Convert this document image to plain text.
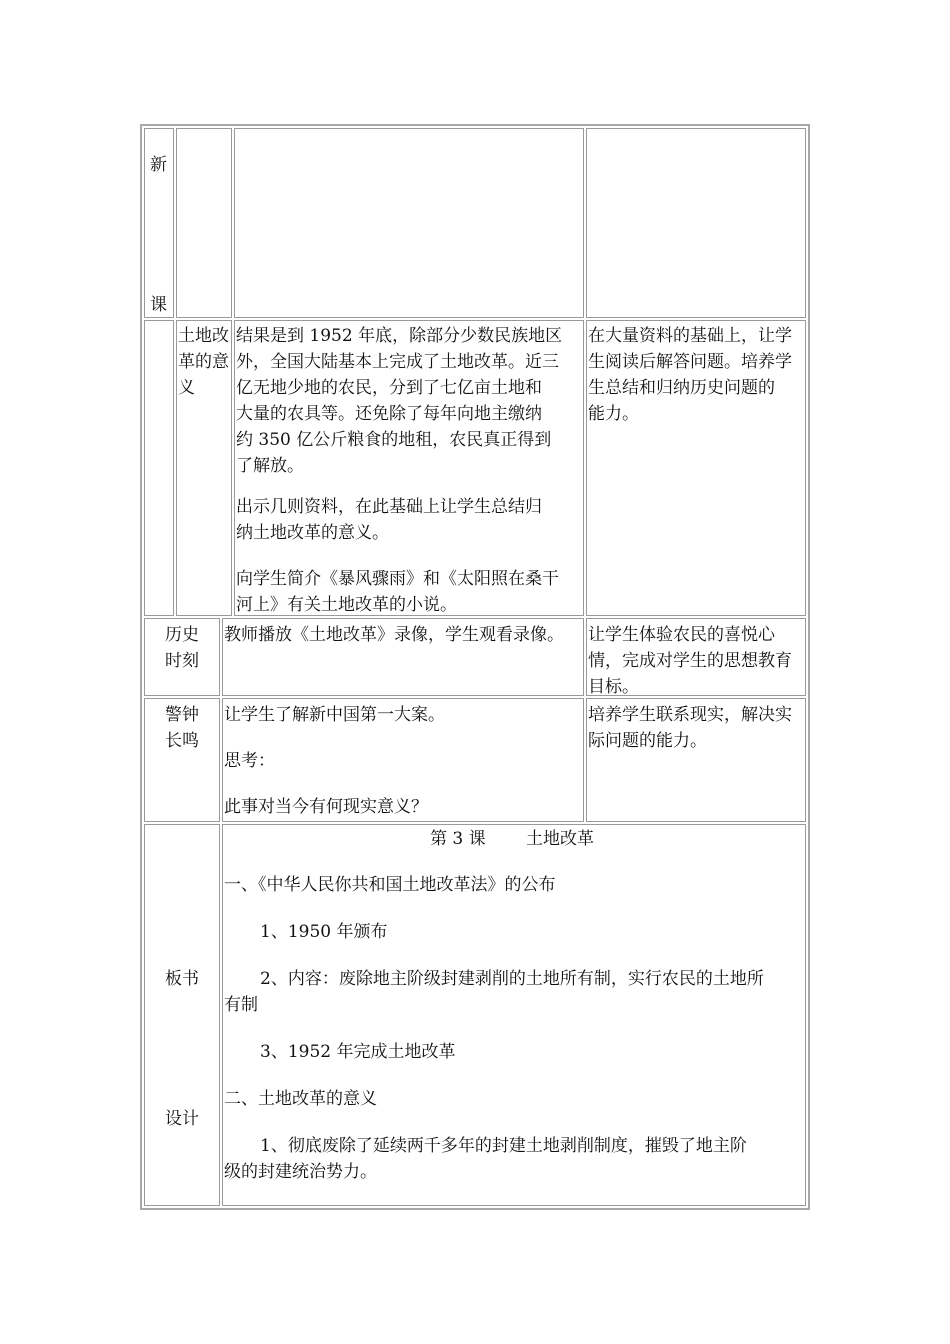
新
课
土地改
革的意
义
结果是到 1952 年底，除部分少数民族地区
外，全国大陆基本上完成了土地改革。近三
亿无地少地的农民，分到了七亿亩土地和
大量的农具等。还免除了每年向地主缴纳
约 350 亿公斤粮食的地租，农民真正得到
了解放。
出示几则资料，在此基础上让学生总结归
纳土地改革的意义。
向学生简介《暴风骤雨》和《太阳照在桑干
河上》有关土地改革的小说。
在大量资料的基础上，让学
生阅读后解答问题。培养学
生总结和归纳历史问题的
能力。
历史
时刻
教师播放《土地改革》录像，学生观看录像。 让学生体验农民的喜悦心
情，完成对学生的思想教育
目标。
警钟
长鸣
让学生了解新中国第一大案。
思考：
此事对当今有何现实意义？
培养学生联系现实，解决实
际问题的能力。
板书
设计
第 3 课 土地改革
一、《中华人民你共和国土地改革法》的公布
1、1950 年颁布
2、内容：废除地主阶级封建剥削的土地所有制，实行农民的土地所
有制
3、1952 年完成土地改革
二、土地改革的意义
1、彻底废除了延续两千多年的封建土地剥削制度，摧毁了地主阶
级的封建统治势力。
